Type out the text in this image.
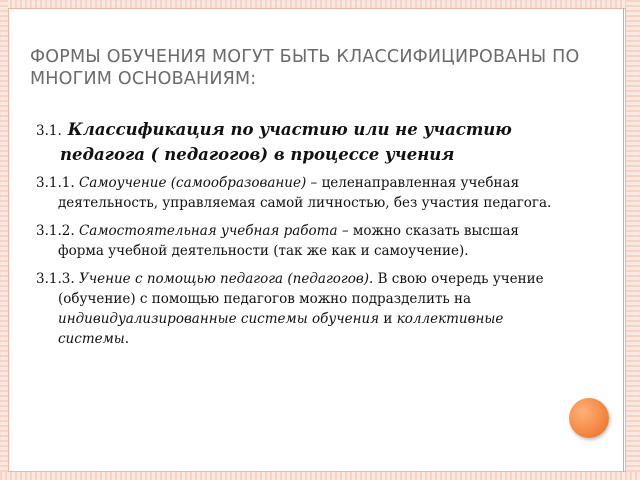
ФОРМЫ ОБУЧЕНИЯ МОГУТ БЫТЬ КЛАССИФИЦИРОВАНЫ ПО МНОГИМ ОСНОВАНИЯМ:
3.1. Классификация по участию или не участию педагога ( педагогов) в процессе учения
3.1.1. Самоучение (самообразование) – целенаправленная учебная деятельность, управляемая самой личностью, без участия педагога.
3.1.2. Самостоятельная учебная работа – можно сказать высшая форма учебной деятельности (так же как и самоучение).
3.1.3. Учение с помощью педагога (педагогов). В свою очередь учение (обучение) с помощью педагогов можно подразделить на индивидуализированные системы обучения и коллективные системы.
